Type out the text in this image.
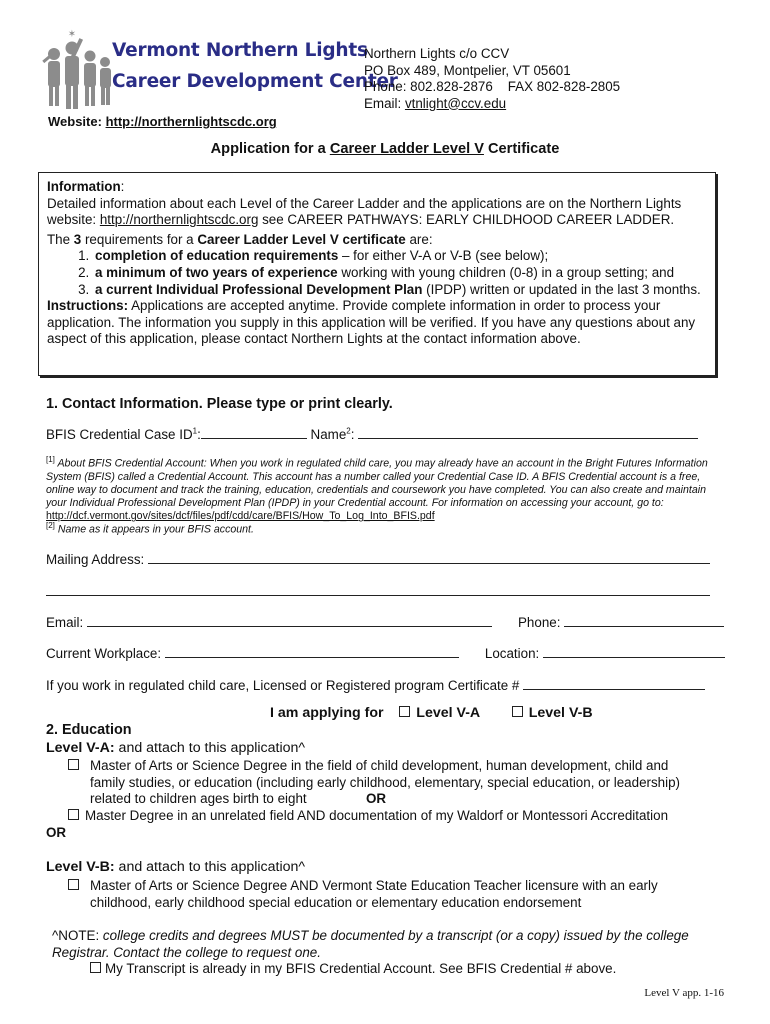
✶
Vermont Northern Lights
Career Development Center
Northern Lights c/o CCV
PO Box 489, Montpelier, VT 05601
Phone: 802.828-2876 FAX 802-828-2805
Email: vtnlight@ccv.edu
Website: http://northernlightscdc.org
Application for a Career Ladder Level V Certificate

Information:

Detailed information about each Level of the Career Ladder and the applications are on the Northern Lights
website: http://northernlightscdc.org see CAREER PATHWAYS: EARLY CHILDHOOD CAREER LADDER.

The 3 requirements for a Career Ladder Level V certificate are:

1. completion of education requirements – for either V-A or V-B (see below);
2. a minimum of two years of experience working with young children (0-8) in a group setting; and
3. a current Individual Professional Development Plan (IPDP) written or updated in the last 3 months.

Instructions: Applications are accepted anytime. Provide complete information in order to process your application. The information you supply in this application will be verified. If you have any questions about any aspect of this application, please contact Northern Lights at the contact information above.

1. Contact Information. Please type or print clearly.
BFIS Credential Case $ID^1$:	Name$^2$:
[1] About BFIS Credential Account: When you work in regulated child care, you may already have an account in the Bright Futures Information System (BFIS) called a Credential Account. This account has a number called your Credential Case ID. A BFIS Credential account is a free, online way to document and track the training, education, credentials and coursework you have completed. You can also create and maintain your Individual Professional Development Plan (IPDP) in your Credential account. For information on accessing your account, go to: http://dcf.vermont.gov/sites/dcf/files/pdf/cdd/care/BFIS/How_To_Log_Into_BFIS.pdf
[2] Name as it appears in your BFIS account.
Mailing Address:
Email:	Phone:
Current Workplace:	Location:
If you work in regulated child care, Licensed or Registered program Certificate #
I am applying for Level V-A	Level V-B
2. Education
Level V-A: and attach to this application^
Master of Arts or Science Degree in the field of child development, human development, child and family studies, or education (including early childhood, elementary, special education, or leadership) related to children ages birth to eight	OR
Master Degree in an unrelated field AND documentation of my Waldorf or Montessori Accreditation
OR
Level V-B: and attach to this application^
Master of Arts or Science Degree AND Vermont State Education Teacher licensure with an early childhood, early childhood special education or elementary education endorsement
^NOTE: college credits and degrees MUST be documented by a transcript (or a copy) issued by the college Registrar. Contact the college to request one.
My Transcript is already in my BFIS Credential Account. See BFIS Credential # above.
Level V app. 1-16
